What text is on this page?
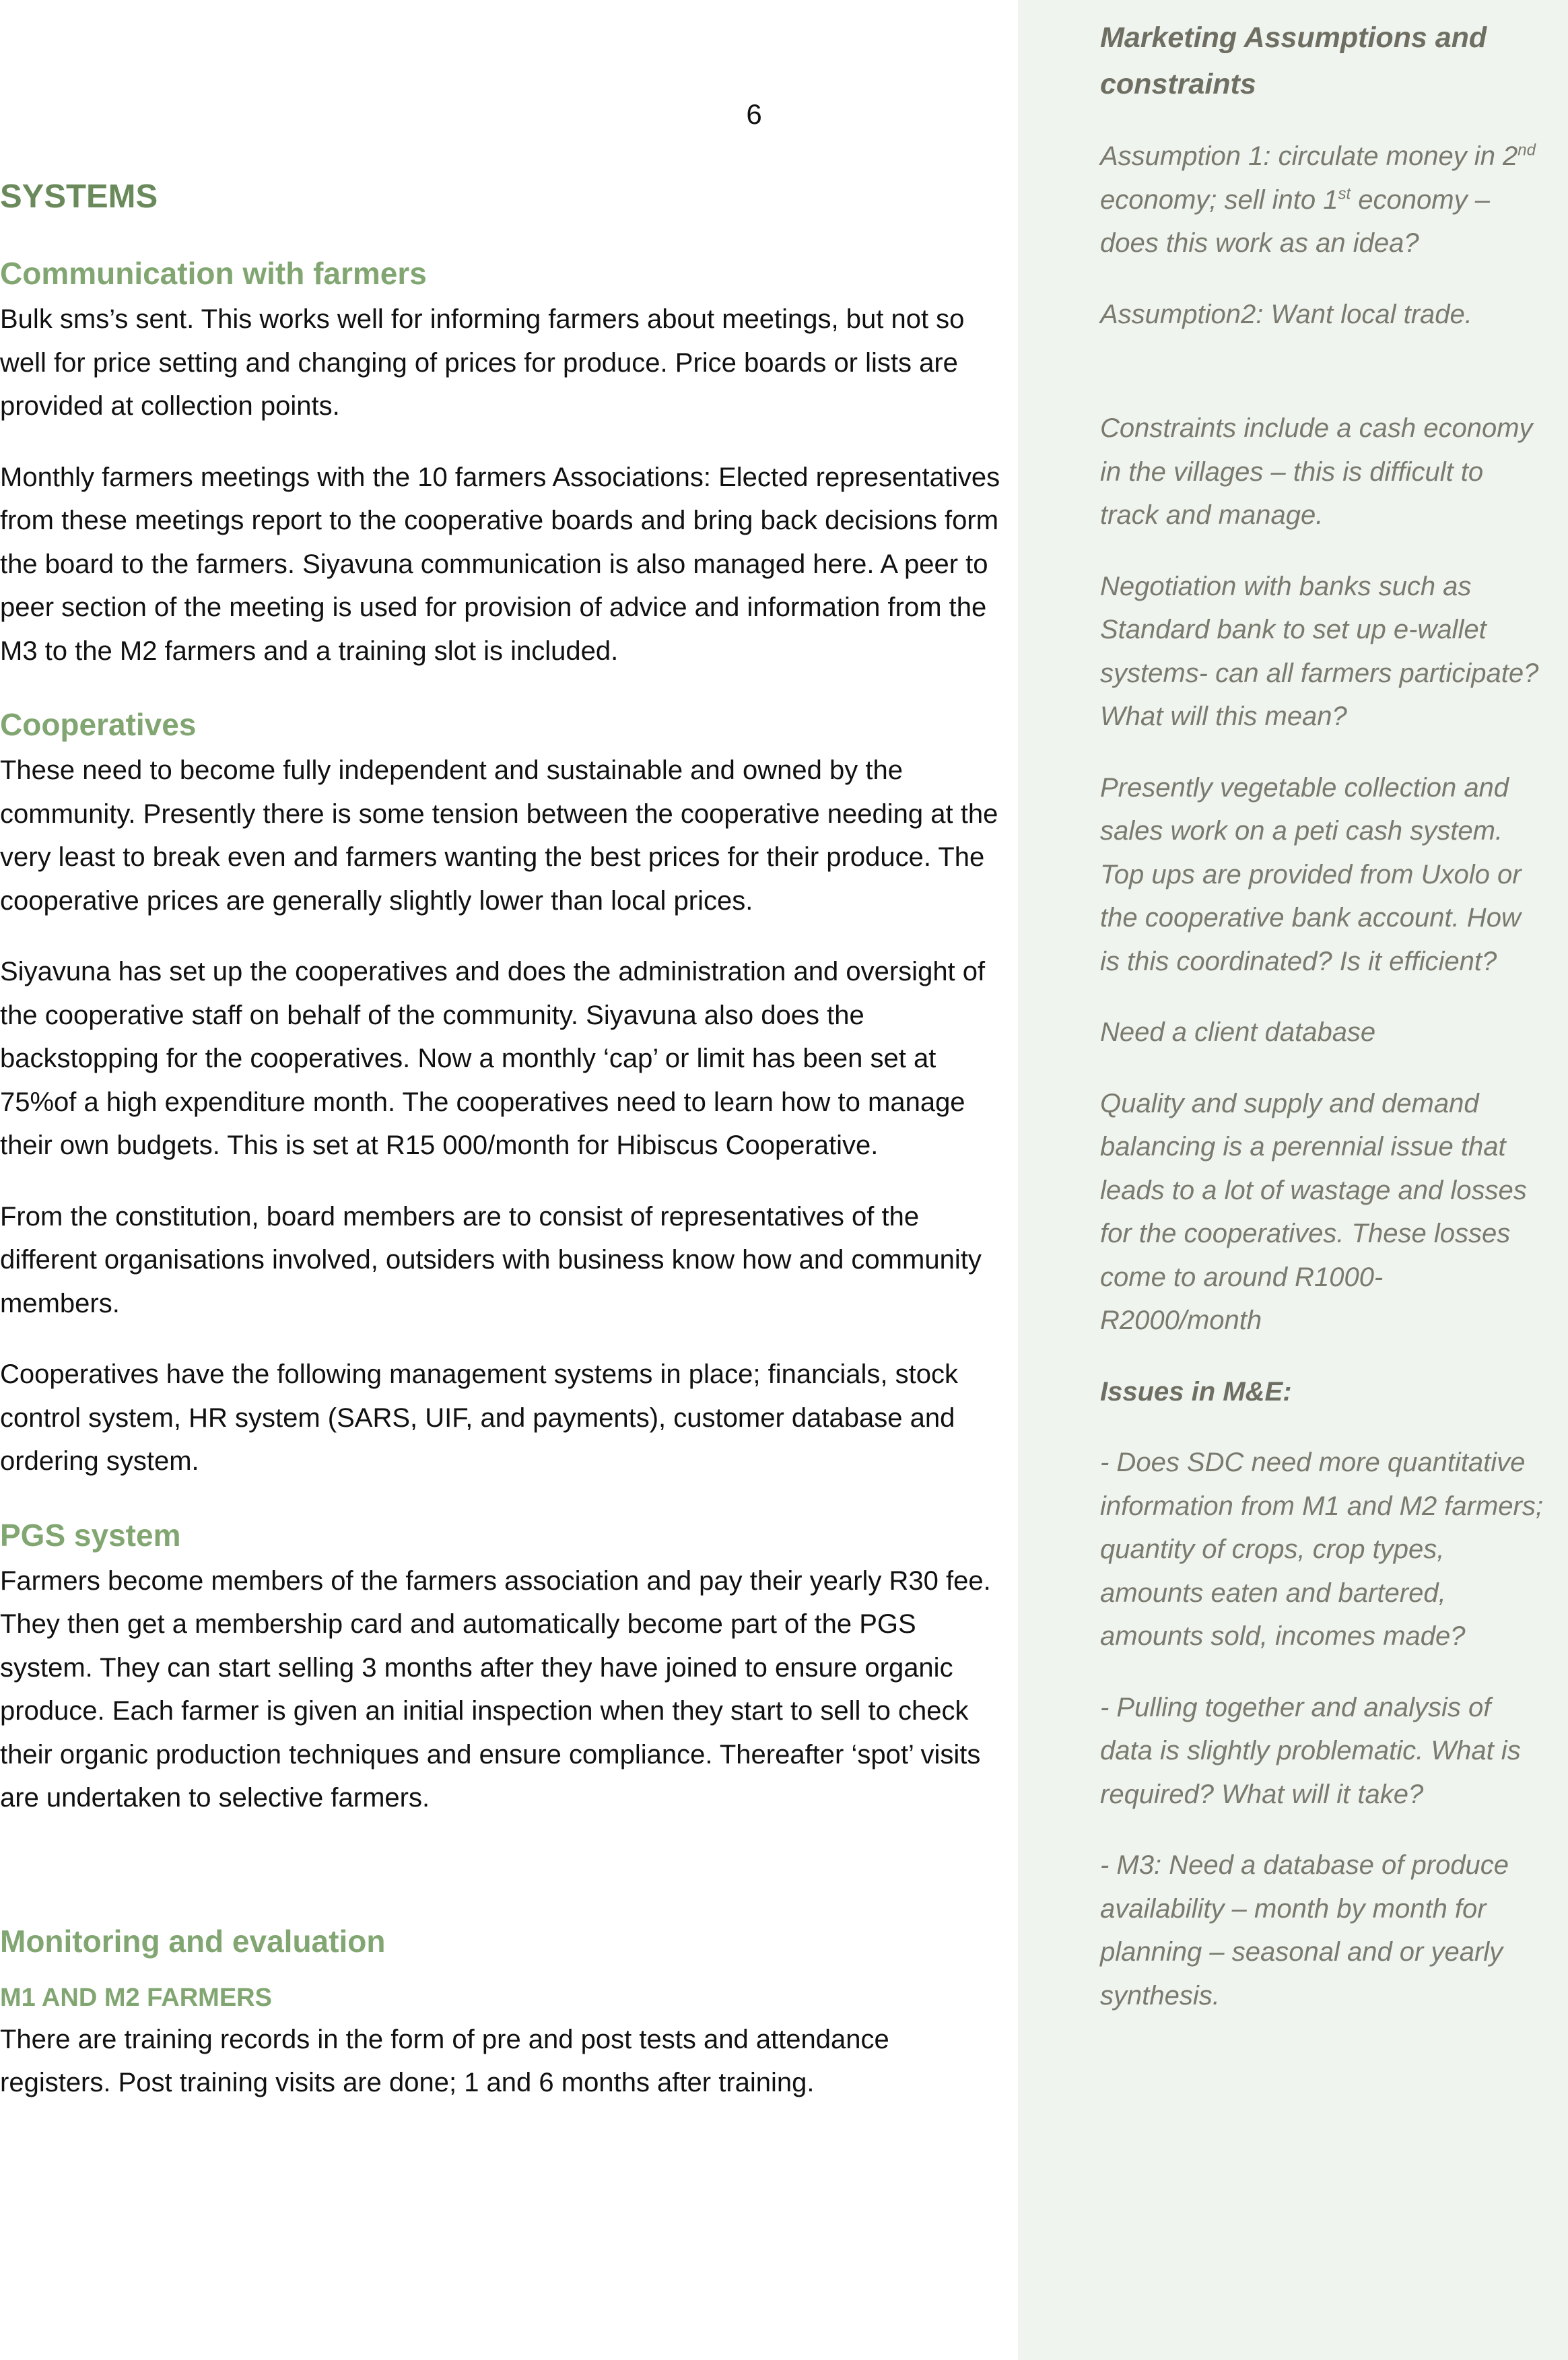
6
SYSTEMS
Communication with farmers

Bulk sms’s sent. This works well for informing farmers about meetings, but not so well for price setting and changing of prices for produce. Price boards or lists are provided at collection points.

Monthly farmers meetings with the 10 farmers Associations: Elected representatives from these meetings report to the cooperative boards and bring back decisions form the board to the farmers. Siyavuna communication is also managed here. A peer to peer section of the meeting is used for provision of advice and information from the M3 to the M2 farmers and a training slot is included.

Cooperatives

These need to become fully independent and sustainable and owned by the community. Presently there is some tension between the cooperative needing at the very least to break even and farmers wanting the best prices for their produce. The cooperative prices are generally slightly lower than local prices.

Siyavuna has set up the cooperatives and does the administration and oversight of the cooperative staff on behalf of the community. Siyavuna also does the backstopping for the cooperatives. Now a monthly ‘cap’ or limit has been set at 75%of a high expenditure month. The cooperatives need to learn how to manage their own budgets. This is set at R15 000/month for Hibiscus Cooperative.

From the constitution, board members are to consist of representatives of the different organisations involved, outsiders with business know how and community members.

Cooperatives have the following management systems in place; financials, stock control system, HR system (SARS, UIF, and payments), customer database and ordering system.

PGS system

Farmers become members of the farmers association and pay their yearly R30 fee. They then get a membership card and automatically become part of the PGS system. They can start selling 3 months after they have joined to ensure organic produce. Each farmer is given an initial inspection when they start to sell to check their organic production techniques and ensure compliance. Thereafter ‘spot’ visits are undertaken to selective farmers.

Monitoring and evaluation
M1 AND M2 FARMERS

There are training records in the form of pre and post tests and attendance registers. Post training visits are done; 1 and 6 months after training.

Marketing Assumptions and constraints

Assumption 1: circulate money in 2nd economy; sell into 1st economy – does this work as an idea?

Assumption2: Want local trade.

Constraints include a cash economy in the villages – this is difficult to track and manage.

Negotiation with banks such as Standard bank to set up e-wallet systems- can all farmers participate? What will this mean?

Presently vegetable collection and sales work on a peti cash system. Top ups are provided from Uxolo or the cooperative bank account. How is this coordinated? Is it efficient?

Need a client database

Quality and supply and demand balancing is a perennial issue that leads to a lot of wastage and losses for the cooperatives. These losses come to around R1000-R2000/month

Issues in M&E:

- Does SDC need more quantitative information from M1 and M2 farmers; quantity of crops, crop types, amounts eaten and bartered, amounts sold, incomes made?

- Pulling together and analysis of data is slightly problematic. What is required? What will it take?

- M3: Need a database of produce availability – month by month for planning – seasonal and or yearly synthesis.
